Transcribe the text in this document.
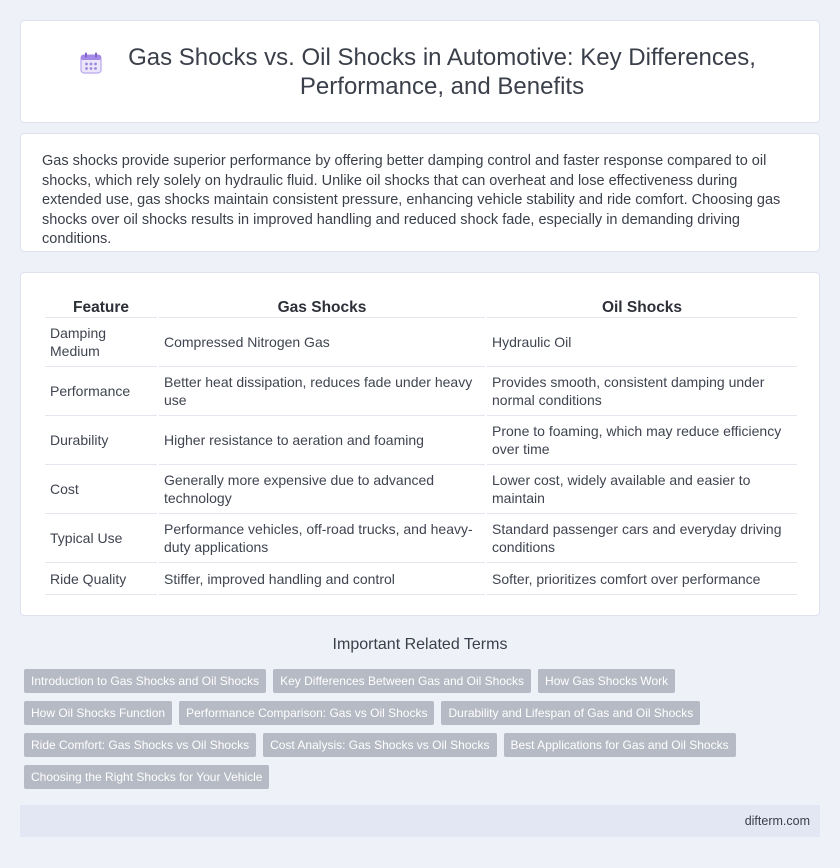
Gas Shocks vs. Oil Shocks in Automotive: Key Differences, Performance, and Benefits

Gas shocks provide superior performance by offering better damping control and faster response compared to oil shocks, which rely solely on hydraulic fluid. Unlike oil shocks that can overheat and lose effectiveness during extended use, gas shocks maintain consistent pressure, enhancing vehicle stability and ride comfort. Choosing gas shocks over oil shocks results in improved handling and reduced shock fade, especially in demanding driving conditions.

Feature	Gas Shocks	Oil Shocks
Damping Medium	Compressed Nitrogen Gas	Hydraulic Oil
Performance	Better heat dissipation, reduces fade under heavy use	Provides smooth, consistent damping under normal conditions
Durability	Higher resistance to aeration and foaming	Prone to foaming, which may reduce efficiency over time
Cost	Generally more expensive due to advanced technology	Lower cost, widely available and easier to maintain
Typical Use	Performance vehicles, off-road trucks, and heavy-duty applications	Standard passenger cars and everyday driving conditions
Ride Quality	Stiffer, improved handling and control	Softer, prioritizes comfort over performance
Important Related Terms
Introduction to Gas Shocks and Oil Shocks	Key Differences Between Gas and Oil Shocks	How Gas Shocks Work
How Oil Shocks Function	Performance Comparison: Gas vs Oil Shocks	Durability and Lifespan of Gas and Oil Shocks
Ride Comfort: Gas Shocks vs Oil Shocks	Cost Analysis: Gas Shocks vs Oil Shocks	Best Applications for Gas and Oil Shocks
Choosing the Right Shocks for Your Vehicle
difterm.com
